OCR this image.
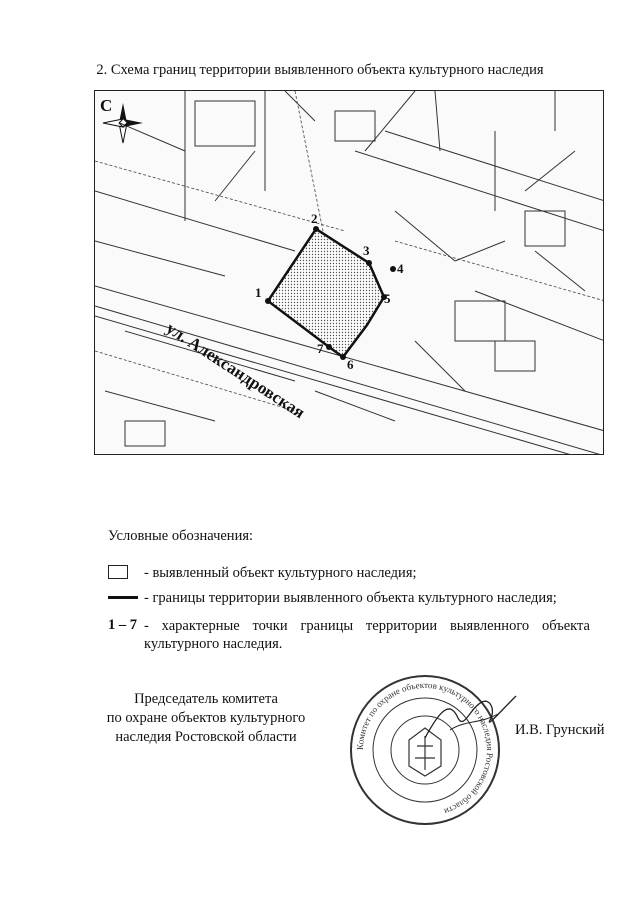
2. Схема границ территории выявленного объекта культурного наследия
1
2
3
4
5
6
7
ул. Александровская
С
Условные обозначения:
- выявленный объект культурного наследия;
- границы территории выявленного объекта культурного наследия;
1 – 7 - характерные точки границы территории выявленного объекта культурного наследия.
Председатель комитета
по охране объектов культурного
наследия Ростовской области
Комитет по охране объектов культурного наследия Ростовской области
И.В. Грунский
